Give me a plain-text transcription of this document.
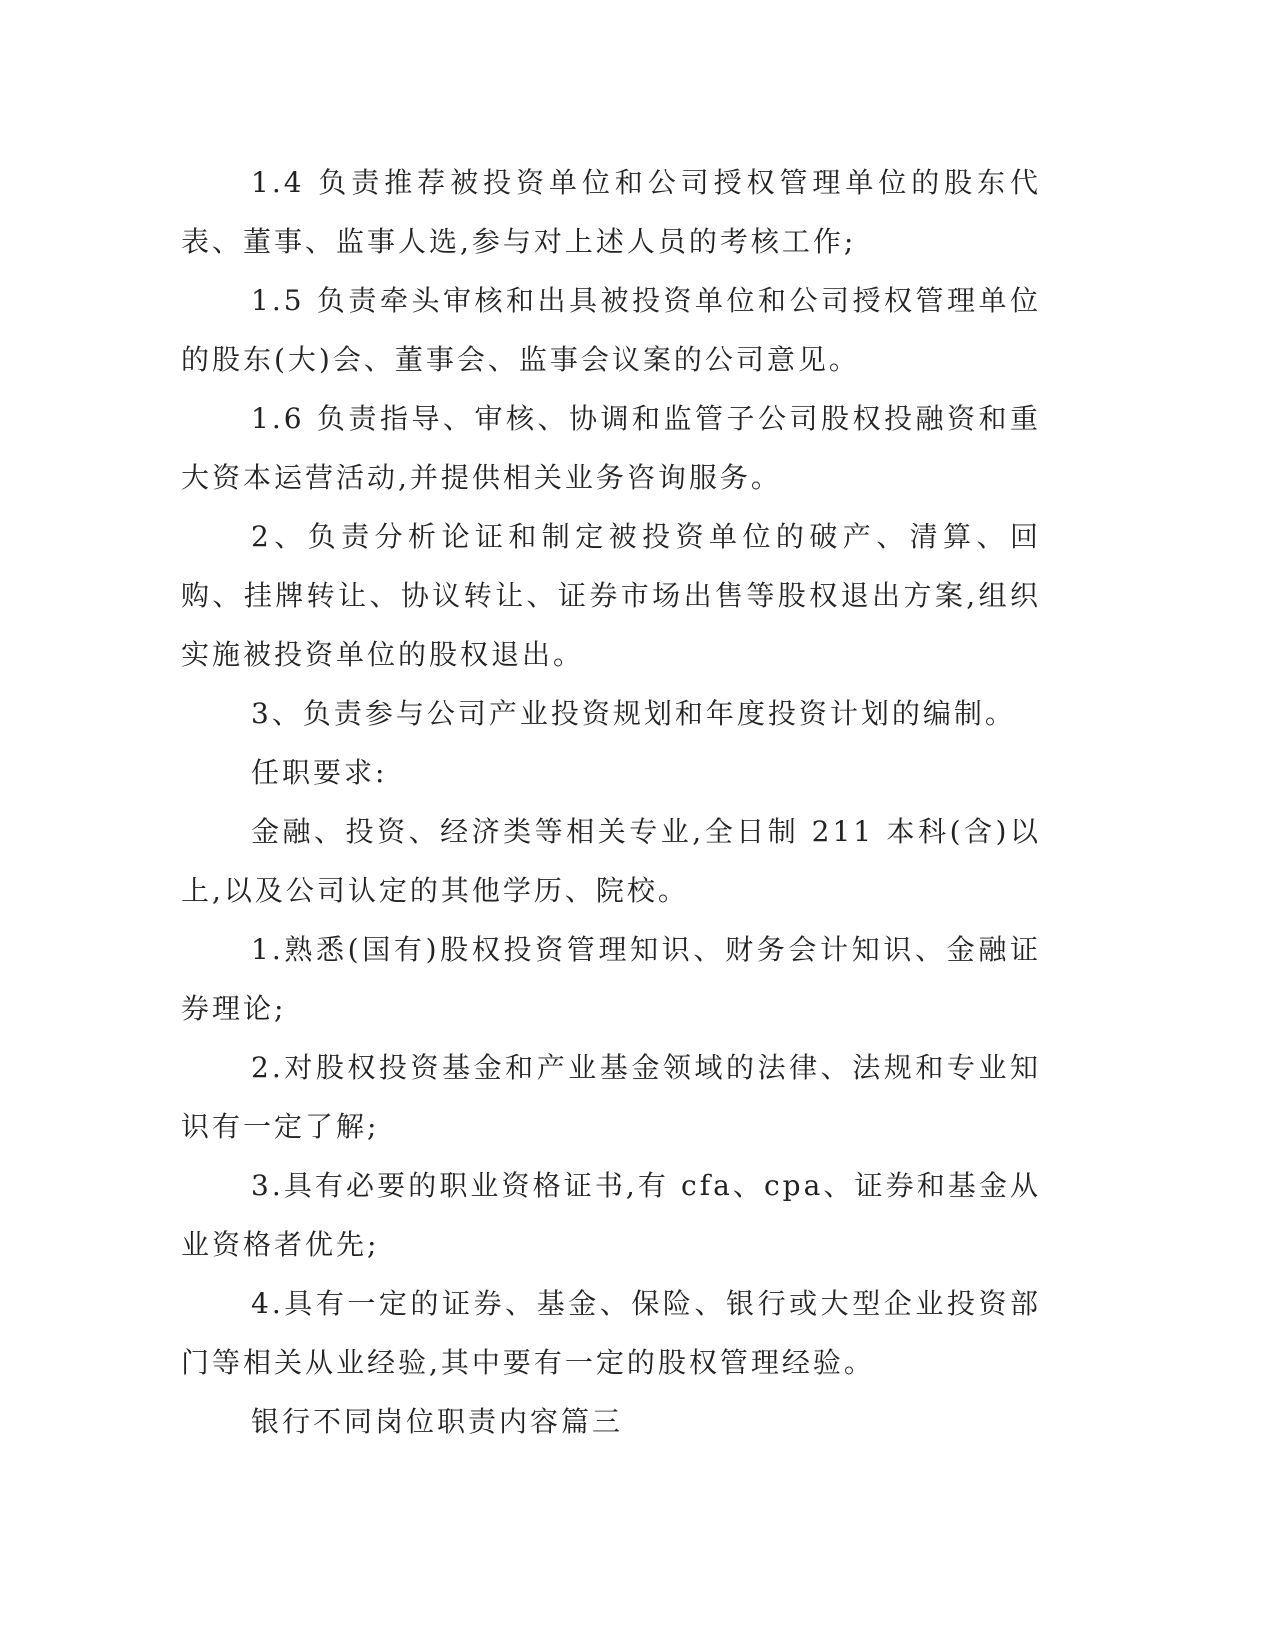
1.4 负责推荐被投资单位和公司授权管理单位的股东代表、董事、监事人选,参与对上述人员的考核工作;

1.5 负责牵头审核和出具被投资单位和公司授权管理单位的股东(大)会、董事会、监事会议案的公司意见。

1.6 负责指导、审核、协调和监管子公司股权投融资和重大资本运营活动,并提供相关业务咨询服务。

2、负责分析论证和制定被投资单位的破产、清算、回购、挂牌转让、协议转让、证券市场出售等股权退出方案,组织实施被投资单位的股权退出。

3、负责参与公司产业投资规划和年度投资计划的编制。

任职要求:

金融、投资、经济类等相关专业,全日制 211 本科(含)以上,以及公司认定的其他学历、院校。

1.熟悉(国有)股权投资管理知识、财务会计知识、金融证券理论;

2.对股权投资基金和产业基金领域的法律、法规和专业知识有一定了解;

3.具有必要的职业资格证书,有 cfa、cpa、证券和基金从业资格者优先;

4.具有一定的证券、基金、保险、银行或大型企业投资部门等相关从业经验,其中要有一定的股权管理经验。

银行不同岗位职责内容篇三
